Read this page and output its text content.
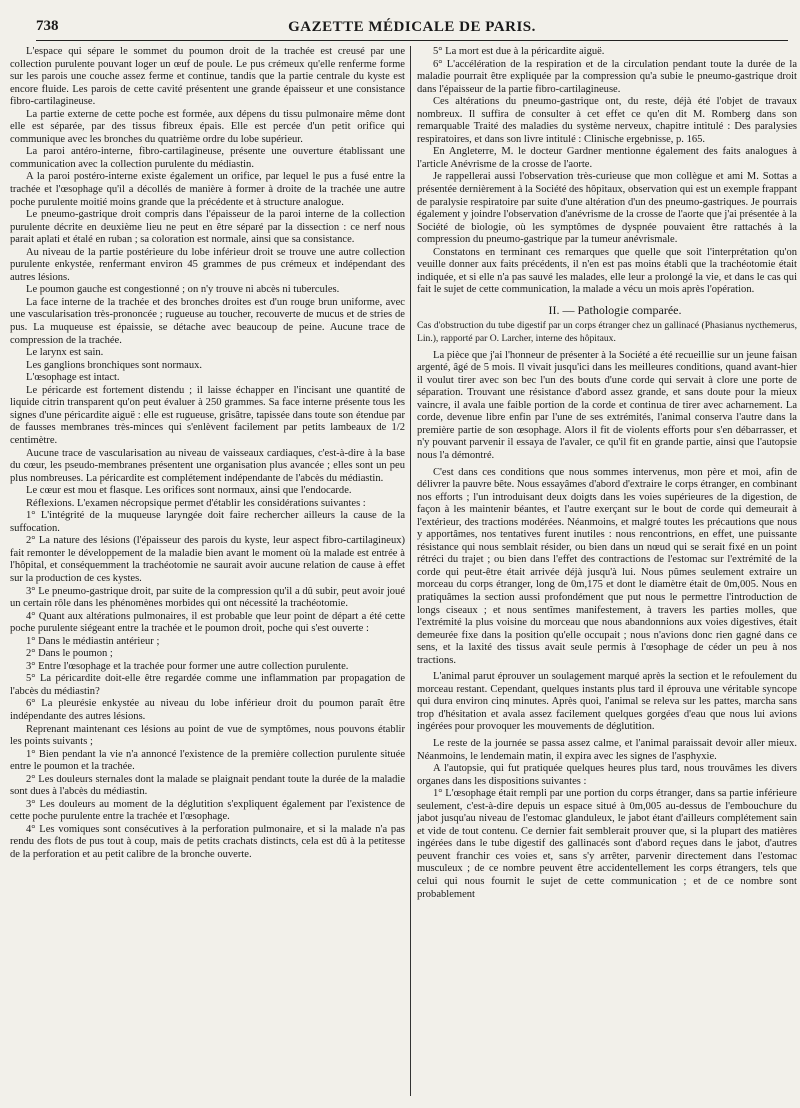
738	GAZETTE MÉDICALE DE PARIS.

L'espace qui sépare le sommet du poumon droit de la trachée est creusé par une collection purulente pouvant loger un œuf de poule. Le pus crémeux qu'elle renferme forme sur les parois une couche assez ferme et continue, tandis que la partie centrale du kyste est encore fluide. Les parois de cette cavité présentent une grande épaisseur et une consistance fibro-cartilagineuse.

La partie externe de cette poche est formée, aux dépens du tissu pulmonaire même dont elle est séparée, par des tissus fibreux épais. Elle est percée d'un petit orifice qui communique avec les bronches du quatrième ordre du lobe supérieur.

La paroi antéro-interne, fibro-cartilagineuse, présente une ouverture établissant une communication avec la collection purulente du médiastin.

A la paroi postéro-interne existe également un orifice, par lequel le pus a fusé entre la trachée et l'œsophage qu'il a décollés de manière à former à droite de la trachée une autre poche purulente moitié moins grande que la précédente et à structure analogue.

Le pneumo-gastrique droit compris dans l'épaisseur de la paroi interne de la collection purulente décrite en deuxième lieu ne peut en être séparé par la dissection : ce nerf nous parait aplati et étalé en ruban ; sa coloration est normale, ainsi que sa consistance.

Au niveau de la partie postérieure du lobe inférieur droit se trouve une autre collection purulente enkystée, renfermant environ 45 grammes de pus crémeux et indépendant des autres lésions.

Le poumon gauche est congestionné ; on n'y trouve ni abcès ni tubercules.

La face interne de la trachée et des bronches droites est d'un rouge brun uniforme, avec une vascularisation très-prononcée ; rugueuse au toucher, recouverte de mucus et de stries de pus. La muqueuse est épaissie, se détache avec beaucoup de peine. Aucune trace de compression de la trachée.

Le larynx est sain.

Les ganglions bronchiques sont normaux.

L'œsophage est intact.

Le péricarde est fortement distendu ; il laisse échapper en l'incisant une quantité de liquide citrin transparent qu'on peut évaluer à 250 grammes. Sa face interne présente tous les signes d'une péricardite aiguë : elle est rugueuse, grisâtre, tapissée dans toute son étendue par de fausses membranes très-minces qui s'enlèvent facilement par petits lambeaux de 1/2 centimètre.

Aucune trace de vascularisation au niveau de vaisseaux cardiaques, c'est-à-dire à la base du cœur, les pseudo-membranes présentent une organisation plus avancée ; elles sont un peu plus nombreuses. La péricardite est complétement indépendante de l'abcès du médiastin.

Le cœur est mou et flasque. Les orifices sont normaux, ainsi que l'endocarde.

Réflexions. L'examen nécropsique permet d'établir les considérations suivantes :

1° L'intégrité de la muqueuse laryngée doit faire rechercher ailleurs la cause de la suffocation.

2° La nature des lésions (l'épaisseur des parois du kyste, leur aspect fibro-cartilagineux) fait remonter le développement de la maladie bien avant le moment où la malade est entrée à l'hôpital, et conséquemment la trachéotomie ne saurait avoir aucune relation de cause à effet sur la production de ces kystes.

3° Le pneumo-gastrique droit, par suite de la compression qu'il a dû subir, peut avoir joué un certain rôle dans les phénomènes morbides qui ont nécessité la trachéotomie.

4° Quant aux altérations pulmonaires, il est probable que leur point de départ a été cette poche purulente siégeant entre la trachée et le poumon droit, poche qui s'est ouverte :

1° Dans le médiastin antérieur ;

2° Dans le poumon ;

3° Entre l'œsophage et la trachée pour former une autre collection purulente.

5° La péricardite doit-elle être regardée comme une inflammation par propagation de l'abcès du médiastin?

6° La pleurésie enkystée au niveau du lobe inférieur droit du poumon paraît être indépendante des autres lésions.

Reprenant maintenant ces lésions au point de vue de symptômes, nous pouvons établir les points suivants ;

1° Bien pendant la vie n'a annoncé l'existence de la première collection purulente située entre le poumon et la trachée.

2° Les douleurs sternales dont la malade se plaignait pendant toute la durée de la maladie sont dues à l'abcès du médiastin.

3° Les douleurs au moment de la déglutition s'expliquent également par l'existence de cette poche purulente entre la trachée et l'œsophage.

4° Les vomiques sont consécutives à la perforation pulmonaire, et si la malade n'a pas rendu des flots de pus tout à coup, mais de petits crachats distincts, cela est dû à la petitesse de la perforation et au petit calibre de la bronche ouverte.

5° La mort est due à la péricardite aiguë.

6° L'accélération de la respiration et de la circulation pendant toute la durée de la maladie pourrait être expliquée par la compression qu'a subie le pneumo-gastrique droit dans l'épaisseur de la partie fibro-cartilagineuse.

Ces altérations du pneumo-gastrique ont, du reste, déjà été l'objet de travaux nombreux. Il suffira de consulter à cet effet ce qu'en dit M. Romberg dans son remarquable Traité des maladies du système nerveux, chapitre intitulé : Des paralysies respiratoires, et dans son livre intitulé : Clinische ergebnisse, p. 165.

En Angleterre, M. le docteur Gardner mentionne également des faits analogues à l'article Anévrisme de la crosse de l'aorte.

Je rappellerai aussi l'observation très-curieuse que mon collègue et ami M. Sottas a présentée dernièrement à la Société des hôpitaux, observation qui est un exemple frappant de paralysie respiratoire par suite d'une altération d'un des pneumo-gastriques. Je pourrais également y joindre l'observation d'anévrisme de la crosse de l'aorte que j'ai présentée à la Société de biologie, où les symptômes de dyspnée pouvaient être rattachés à la compression du pneumo-gastrique par la tumeur anévrismale.

Constatons en terminant ces remarques que quelle que soit l'interprétation qu'on veuille donner aux faits précédents, il n'en est pas moins établi que la trachéotomie était indiquée, et si elle n'a pas sauvé les malades, elle leur a prolongé la vie, et dans le cas qui fait le sujet de cette communication, la malade a vécu un mois après l'opération.

II. — Pathologie comparée.

Cas d'obstruction du tube digestif par un corps étranger chez un gallinacé (Phasianus nycthemerus, Lin.), rapporté par O. Larcher, interne des hôpitaux.

La pièce que j'ai l'honneur de présenter à la Société a été recueillie sur un jeune faisan argenté, âgé de 5 mois. Il vivait jusqu'ici dans les meilleures conditions, quand avant-hier il voulut tirer avec son bec l'un des bouts d'une corde qui servait à clore une porte de séparation. Trouvant une résistance d'abord assez grande, et sans doute pour la mieux vaincre, il avala une faible portion de la corde et continua de tirer avec acharnement. La corde, devenue libre enfin par l'une de ses extrémités, l'animal conserva l'autre dans la première partie de son œsophage. Alors il fit de violents efforts pour s'en débarrasser, et n'y pouvant parvenir il essaya de l'avaler, ce qu'il fit en grande partie, ainsi que l'autopsie nous l'a démontré.

C'est dans ces conditions que nous sommes intervenus, mon père et moi, afin de délivrer la pauvre bête. Nous essayâmes d'abord d'extraire le corps étranger, en combinant nos efforts ; l'un introduisant deux doigts dans les voies supérieures de la digestion, de façon à les maintenir béantes, et l'autre exerçant sur le bout de corde qui demeurait à l'extérieur, des tractions modérées. Néanmoins, et malgré toutes les précautions que nous y apportâmes, nos tentatives furent inutiles : nous rencontrions, en effet, une puissante résistance qui nous semblait résider, ou bien dans un nœud qui se serait fixé en un point rétréci du trajet ; ou bien dans l'effet des contractions de l'estomac sur l'extrémité de la corde qui peut-être était arrivée déjà jusqu'à lui. Nous pûmes seulement extraire un morceau du corps étranger, long de 0m,175 et dont le diamètre était de 0m,005. Nous en pratiquâmes la section aussi profondément que put nous le permettre l'introduction de longs ciseaux ; et nous sentîmes manifestement, à travers les parties molles, que l'extrémité la plus voisine du morceau que nous abandonnions aux voies digestives, était demeurée fixe dans la position qu'elle occupait ; nous n'avions donc rien gagné dans ce sens, et la laxité des tissus avait seule permis à l'œsophage de céder un peu à nos tractions.

L'animal parut éprouver un soulagement marqué après la section et le refoulement du morceau restant. Cependant, quelques instants plus tard il éprouva une véritable syncope qui dura environ cinq minutes. Après quoi, l'animal se releva sur les pattes, marcha sans trop d'hésitation et avala assez facilement quelques gorgées d'eau que nous lui avions ingérées pour provoquer les mouvements de déglutition.

Le reste de la journée se passa assez calme, et l'animal paraissait devoir aller mieux. Néanmoins, le lendemain matin, il expira avec les signes de l'asphyxie.

A l'autopsie, qui fut pratiquée quelques heures plus tard, nous trouvâmes les divers organes dans les dispositions suivantes :

1° L'œsophage était rempli par une portion du corps étranger, dans sa partie inférieure seulement, c'est-à-dire depuis un espace situé à 0m,005 au-dessus de l'embouchure du jabot jusqu'au niveau de l'estomac glanduleux, le jabot étant d'ailleurs complétement sain et vide de tout contenu. Ce dernier fait semblerait prouver que, si la plupart des matières ingérées dans le tube digestif des gallinacés sont d'abord reçues dans le jabot, d'autres peuvent franchir ces voies et, sans s'y arrêter, parvenir directement dans l'estomac musculeux ; de ce nombre peuvent être accidentellement les corps étrangers, tels que celui qui nous fournit le sujet de cette communication ; et de ce nombre sont probablement
